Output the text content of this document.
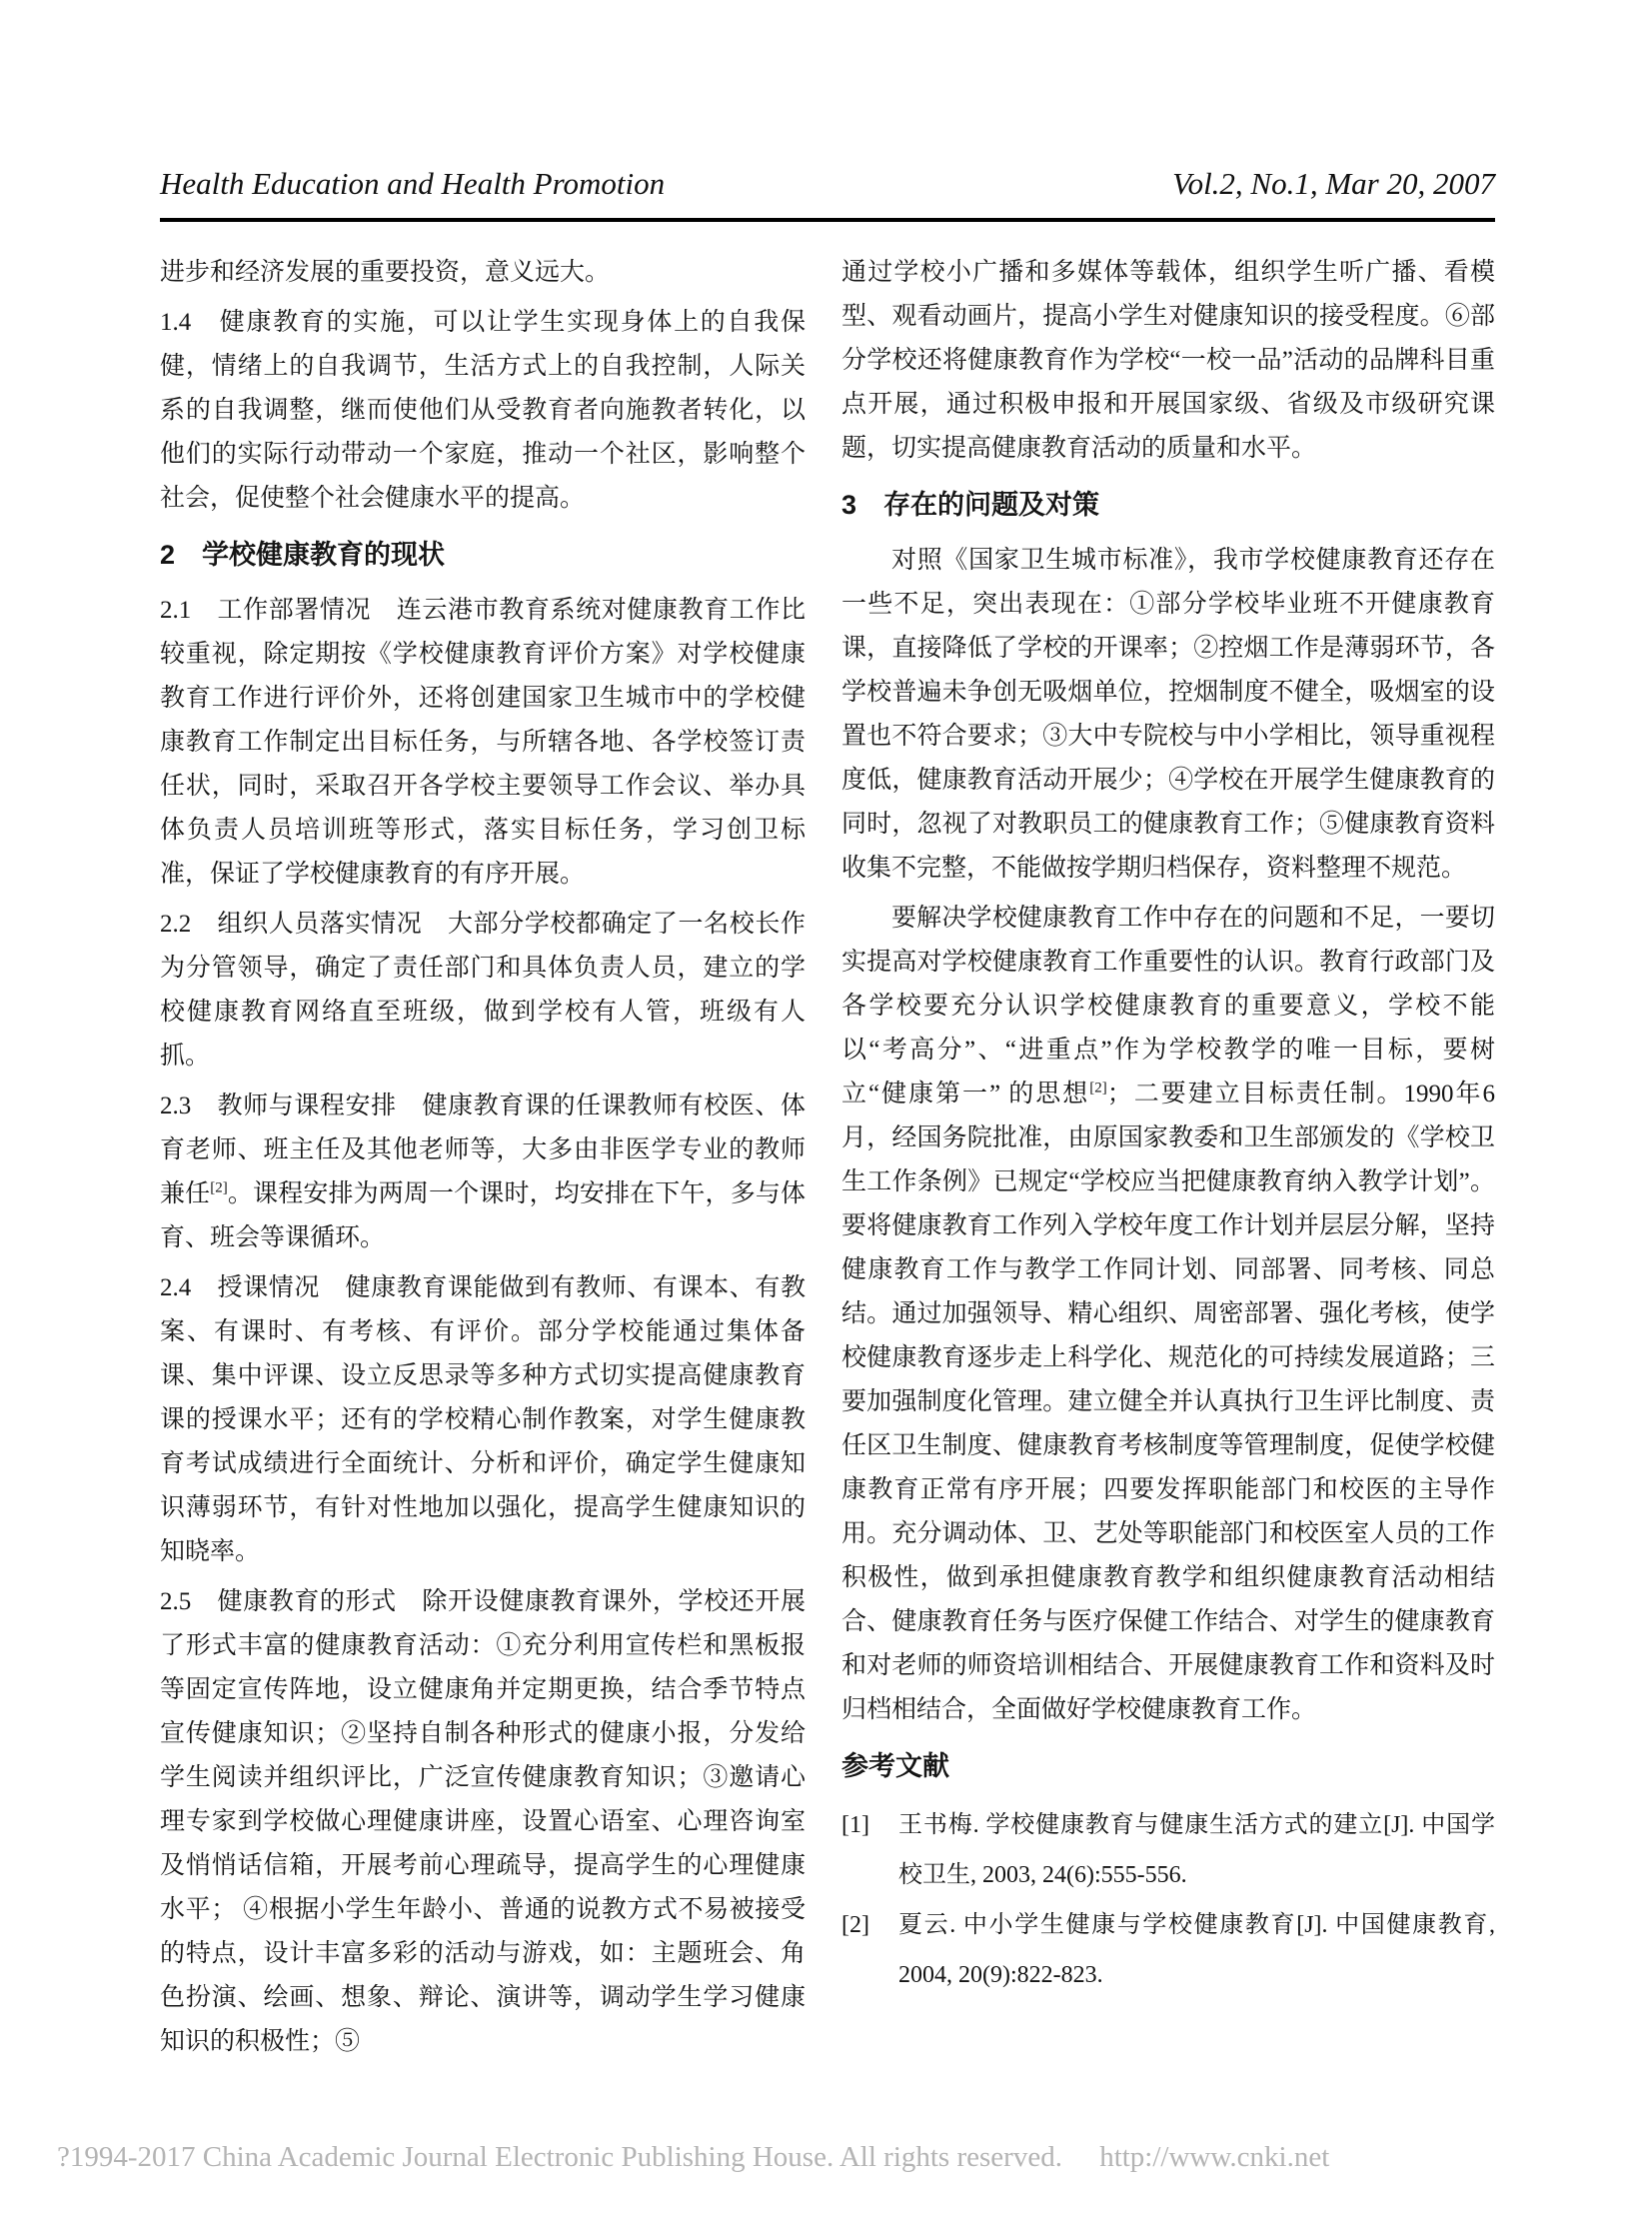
Health Education and Health Promotion	Vol.2, No.1, Mar 20, 2007
进步和经济发展的重要投资，意义远大。
1.4　健康教育的实施，可以让学生实现身体上的自我保健，情绪上的自我调节，生活方式上的自我控制，人际关系的自我调整，继而使他们从受教育者向施教者转化，以他们的实际行动带动一个家庭，推动一个社区，影响整个社会，促使整个社会健康水平的提高。
2　学校健康教育的现状
2.1　工作部署情况　连云港市教育系统对健康教育工作比较重视，除定期按《学校健康教育评价方案》对学校健康教育工作进行评价外，还将创建国家卫生城市中的学校健康教育工作制定出目标任务，与所辖各地、各学校签订责任状，同时，采取召开各学校主要领导工作会议、举办具体负责人员培训班等形式，落实目标任务，学习创卫标准，保证了学校健康教育的有序开展。
2.2　组织人员落实情况　大部分学校都确定了一名校长作为分管领导，确定了责任部门和具体负责人员，建立的学校健康教育网络直至班级，做到学校有人管，班级有人抓。
2.3　教师与课程安排　健康教育课的任课教师有校医、体育老师、班主任及其他老师等，大多由非医学专业的教师兼任[2]。课程安排为两周一个课时，均安排在下午，多与体育、班会等课循环。
2.4　授课情况　健康教育课能做到有教师、有课本、有教案、有课时、有考核、有评价。部分学校能通过集体备课、集中评课、设立反思录等多种方式切实提高健康教育课的授课水平；还有的学校精心制作教案，对学生健康教育考试成绩进行全面统计、分析和评价，确定学生健康知识薄弱环节，有针对性地加以强化，提高学生健康知识的知晓率。
2.5　健康教育的形式　除开设健康教育课外，学校还开展了形式丰富的健康教育活动：①充分利用宣传栏和黑板报等固定宣传阵地，设立健康角并定期更换，结合季节特点宣传健康知识；②坚持自制各种形式的健康小报，分发给学生阅读并组织评比，广泛宣传健康教育知识；③邀请心理专家到学校做心理健康讲座，设置心语室、心理咨询室及悄悄话信箱，开展考前心理疏导，提高学生的心理健康水平； ④根据小学生年龄小、普通的说教方式不易被接受的特点，设计丰富多彩的活动与游戏，如：主题班会、角色扮演、绘画、想象、辩论、演讲等，调动学生学习健康知识的积极性；⑤
通过学校小广播和多媒体等载体，组织学生听广播、看模型、观看动画片，提高小学生对健康知识的接受程度。⑥部分学校还将健康教育作为学校“一校一品”活动的品牌科目重点开展，通过积极申报和开展国家级、省级及市级研究课题，切实提高健康教育活动的质量和水平。
3　存在的问题及对策
对照《国家卫生城市标准》，我市学校健康教育还存在一些不足，突出表现在：①部分学校毕业班不开健康教育课，直接降低了学校的开课率；②控烟工作是薄弱环节，各学校普遍未争创无吸烟单位，控烟制度不健全，吸烟室的设置也不符合要求；③大中专院校与中小学相比，领导重视程度低，健康教育活动开展少；④学校在开展学生健康教育的同时，忽视了对教职员工的健康教育工作；⑤健康教育资料收集不完整，不能做按学期归档保存，资料整理不规范。
要解决学校健康教育工作中存在的问题和不足，一要切实提高对学校健康教育工作重要性的认识。教育行政部门及各学校要充分认识学校健康教育的重要意义，学校不能以“考高分”、“进重点”作为学校教学的唯一目标，要树立“健康第一” 的思想[2]；二要建立目标责任制。1990年6月，经国务院批准，由原国家教委和卫生部颁发的《学校卫生工作条例》已规定“学校应当把健康教育纳入教学计划”。要将健康教育工作列入学校年度工作计划并层层分解，坚持健康教育工作与教学工作同计划、同部署、同考核、同总结。通过加强领导、精心组织、周密部署、强化考核，使学校健康教育逐步走上科学化、规范化的可持续发展道路；三要加强制度化管理。建立健全并认真执行卫生评比制度、责任区卫生制度、健康教育考核制度等管理制度，促使学校健康教育正常有序开展；四要发挥职能部门和校医的主导作用。充分调动体、卫、艺处等职能部门和校医室人员的工作积极性，做到承担健康教育教学和组织健康教育活动相结合、健康教育任务与医疗保健工作结合、对学生的健康教育和对老师的师资培训相结合、开展健康教育工作和资料及时归档相结合，全面做好学校健康教育工作。
参考文献
[1] 王书梅. 学校健康教育与健康生活方式的建立[J]. 中国学校卫生, 2003, 24(6):555-556.
[2] 夏云. 中小学生健康与学校健康教育[J]. 中国健康教育, 2004, 20(9):822-823.
?1994-2017 China Academic Journal Electronic Publishing House. All rights reserved. http://www.cnki.net
